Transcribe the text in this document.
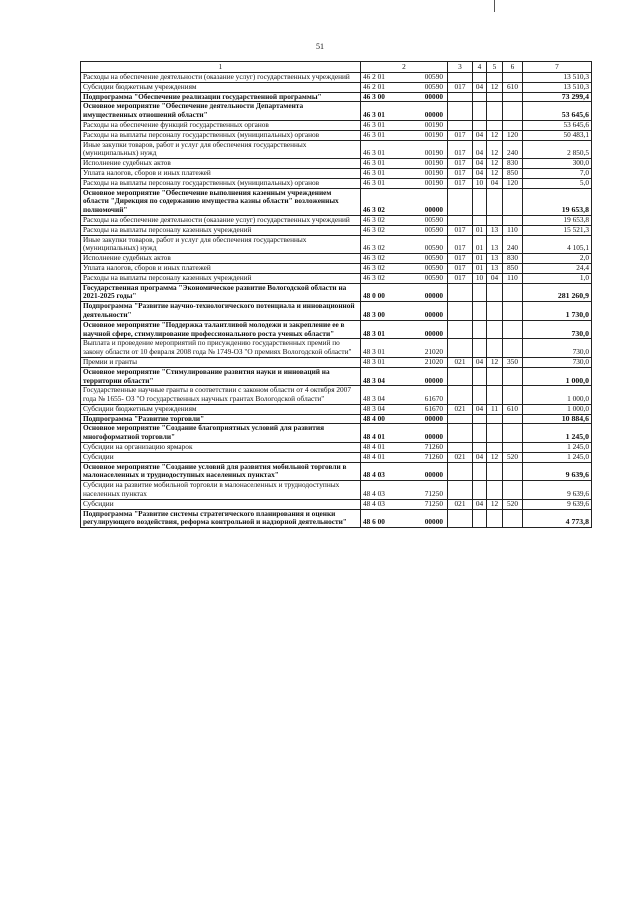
51
1	2	3	4	5	6	7
Расходы на обеспечение деятельности (оказание услуг) государственных учреждений	46 2 01 00590					13 510,3
Субсидии бюджетным учреждениям	46 2 01 00590	017	04	12	610	13 510,3
Подпрограмма "Обеспечение реализации государственной программы"	46 3 00 00000					73 299,4
Основное мероприятие "Обеспечение деятельности Департамента имущественных отношений области"	46 3 01 00000					53 645,6
Расходы на обеспечение функций государственных органов	46 3 01 00190					53 645,6
Расходы на выплаты персоналу государственных (муниципальных) органов	46 3 01 00190	017	04	12	120	50 483,1
Иные закупки товаров, работ и услуг для обеспечения государственных (муниципальных) нужд	46 3 01 00190	017	04	12	240	2 850,5
Исполнение судебных актов	46 3 01 00190	017	04	12	830	300,0
Уплата налогов, сборов и иных платежей	46 3 01 00190	017	04	12	850	7,0
Расходы на выплаты персоналу государственных (муниципальных) органов	46 3 01 00190	017	10	04	120	5,0
Основное мероприятие "Обеспечение выполнения казенным учреждением области "Дирекция по содержанию имущества казны области" возложенных полномочий"	46 3 02 00000					19 653,8
Расходы на обеспечение деятельности (оказание услуг) государственных учреждений	46 3 02 00590					19 653,8
Расходы на выплаты персоналу казенных учреждений	46 3 02 00590	017	01	13	110	15 521,3
Иные закупки товаров, работ и услуг для обеспечения государственных (муниципальных) нужд	46 3 02 00590	017	01	13	240	4 105,1
Исполнение судебных актов	46 3 02 00590	017	01	13	830	2,0
Уплата налогов, сборов и иных платежей	46 3 02 00590	017	01	13	850	24,4
Расходы на выплаты персоналу казенных учреждений	46 3 02 00590	017	10	04	110	1,0
Государственная программа "Экономическое развитие Вологодской области на 2021-2025 годы"	48 0 00 00000					281 260,9
Подпрограмма "Развитие научно-технологического потенциала и инновационной деятельности"	48 3 00 00000					1 730,0
Основное мероприятие "Поддержка талантливой молодежи и закрепление ее в научной сфере, стимулирование профессионального роста ученых области"	48 3 01 00000					730,0
Выплата и проведение мероприятий по присуждению государственных премий по закону области от 10 февраля 2008 года № 1749-ОЗ "О премиях Вологодской области"	48 3 01 21020					730,0
Премии и гранты	48 3 01 21020	021	04	12	350	730,0
Основное мероприятие "Стимулирование развития науки и инноваций на территории области"	48 3 04 00000					1 000,0
Государственные научные гранты в соответствии с законом области от 4 октября 2007 года № 1655- ОЗ "О государственных научных грантах Вологодской области"	48 3 04 61670					1 000,0
Субсидии бюджетным учреждениям	48 3 04 61670	021	04	11	610	1 000,0
Подпрограмма "Развитие торговли"	48 4 00 00000					10 884,6
Основное мероприятие "Создание благоприятных условий для развития многоформатной торговли"	48 4 01 00000					1 245,0
Субсидии на организацию ярмарок	48 4 01 71260					1 245,0
Субсидии	48 4 01 71260	021	04	12	520	1 245,0
Основное мероприятие "Создание условий для развития мобильной торговли в малонаселенных и труднодоступных населенных пунктах"	48 4 03 00000					9 639,6
Субсидии на развитие мобильной торговли в малонаселенных и труднодоступных населенных пунктах	48 4 03 71250					9 639,6
Субсидии	48 4 03 71250	021	04	12	520	9 639,6
Подпрограмма "Развитие системы стратегического планирования и оценки регулирующего воздействия, реформа контрольной и надзорной деятельности"	48 6 00 00000					4 773,8
